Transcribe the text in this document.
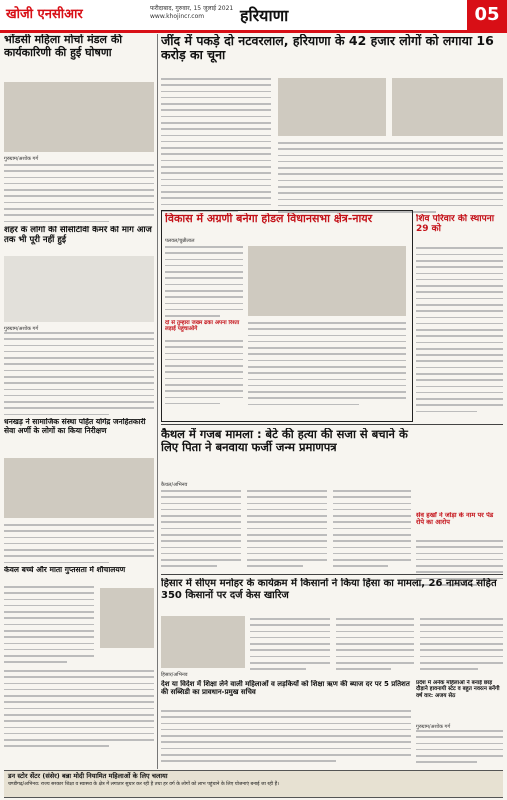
खोजी एनसीआर	फरीदाबाद, गुरुवार, 15 जुलाई 2021
www.khojincr.com	हरियाणा	05
भोंडसी महिला मोर्चा मंडल की कार्यकारिणी की हुई घोषणा
गुरुग्राम/अशोक गर्ग
शहर के लोगों की सीसीटीवी कैमरे की मांग आज तक भी पूरी नहीं हुई
गुरुग्राम/अशोक गर्ग
धनखड़ ने सामाजिक संस्था पहिंत योगेंद्र जनहितकारी सेवा अर्णी के लोगों का किया निरीक्षण
केवल बच्चे और माता गुप्तसता में शौचालयण
जींद में पकड़े दो नटवरलाल, हरियाणा के 42 हजार लोगों को लगाया 16 करोड़ का चूना
विकास में अग्रणी बनेगा होडल विधानसभा क्षेत्र-नायर
पलवल/चुन्नीलाल
दो से तुम्हारा जख्म ढका अपना रिश्ता लड़ाई पहुंचाओगे
शिव परिवार की स्थापना 29 को
कैथल में गजब मामला : बेटे की हत्या की सजा से बचाने के लिए पिता ने बनवाया फर्जी जन्म प्रमाणपत्र
कैथल/अभिनव
सेव हर्खों ने जोड़ा के नाम पर पेंड रोपे का आरोप
हिसार में सीएम मनोहर के कार्यक्रम में किसानों ने किया हिंसा का मामला, 26 नामजद सहित 350 किसानों पर दर्ज केस खारिज
हिसार/अभिनव
देश या विदेश में शिक्षा लेने वाली महिलाओं व लड़कियों को शिक्षा ऋण की ब्याज दर पर 5 प्रतिशत की सब्सिडी का प्रावधान-प्रमुख सचिव
प्रदेश में अनेक महिलाओं ने बनाई छाड़ दौड़ाने हावनायी स्टेट व बहुत नवरत्न बनेंगी वर्ष वार: अजय सेठ
गुरुग्राम/अशोक गर्ग
डन स्टोर सेंटर (संसेर) बन्ना मोदी नियामित महिलाओं के लिए चलाया
चण्डीगढ़/अभिनव: राज्य सरकार शिक्षा व स्वास्थ्य के क्षेत्र में लगातार सुधार कर रही है तथा हर वर्ग के लोगों को लाभ पहुंचाने के लिए योजनाएं बनाई जा रही हैं।
